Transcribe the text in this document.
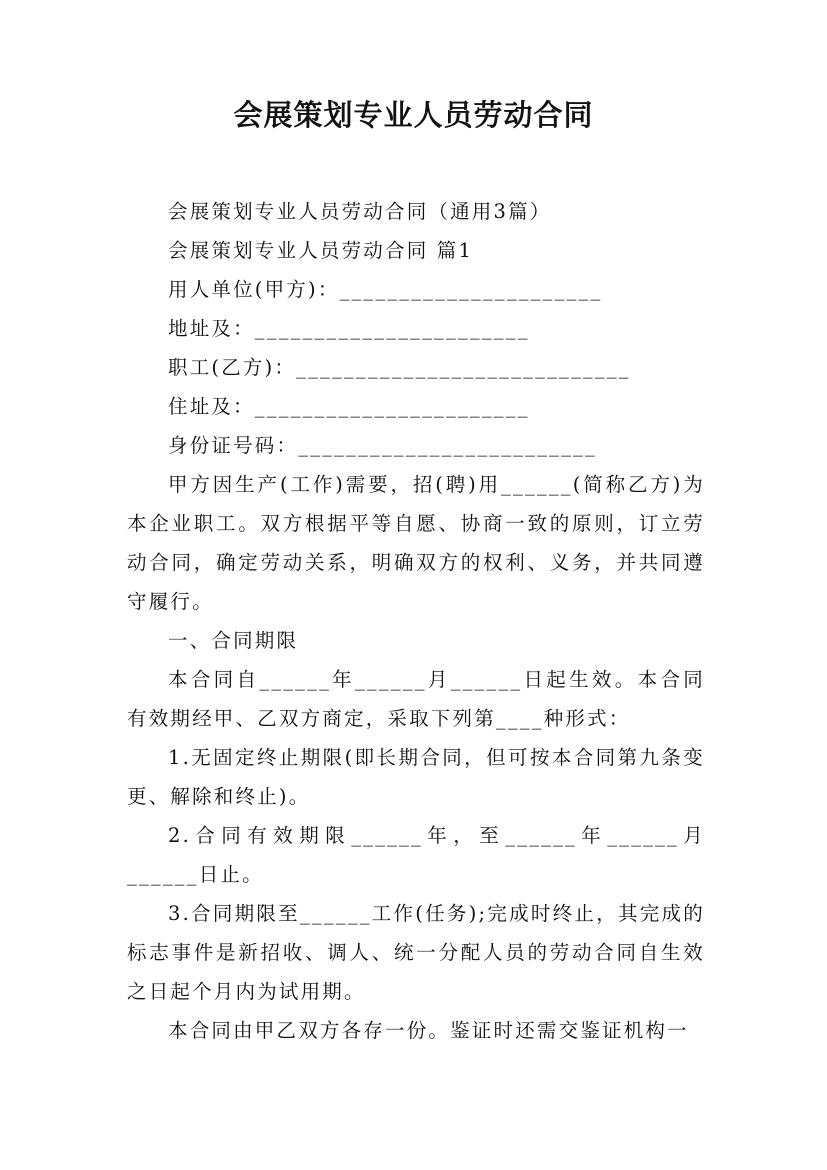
会展策划专业人员劳动合同

会展策划专业人员劳动合同（通用3篇）

会展策划专业人员劳动合同 篇1

用人单位(甲方)：______________________

地址及：_______________________

职工(乙方)：____________________________

住址及：_______________________

身份证号码：_________________________

甲方因生产(工作)需要，招(聘)用______(简称乙方)为本企业职工。双方根据平等自愿、协商一致的原则，订立劳动合同，确定劳动关系，明确双方的权利、义务，并共同遵守履行。

一、合同期限

本合同自______年______月______日起生效。本合同有效期经甲、乙双方商定，采取下列第____种形式：

1.无固定终止期限(即长期合同，但可按本合同第九条变更、解除和终止)。

2.合同有效期限______年，至______年______月______日止。

3.合同期限至______工作(任务);完成时终止，其完成的标志事件是新招收、调人、统一分配人员的劳动合同自生效之日起个月内为试用期。

本合同由甲乙双方各存一份。鉴证时还需交鉴证机构一
